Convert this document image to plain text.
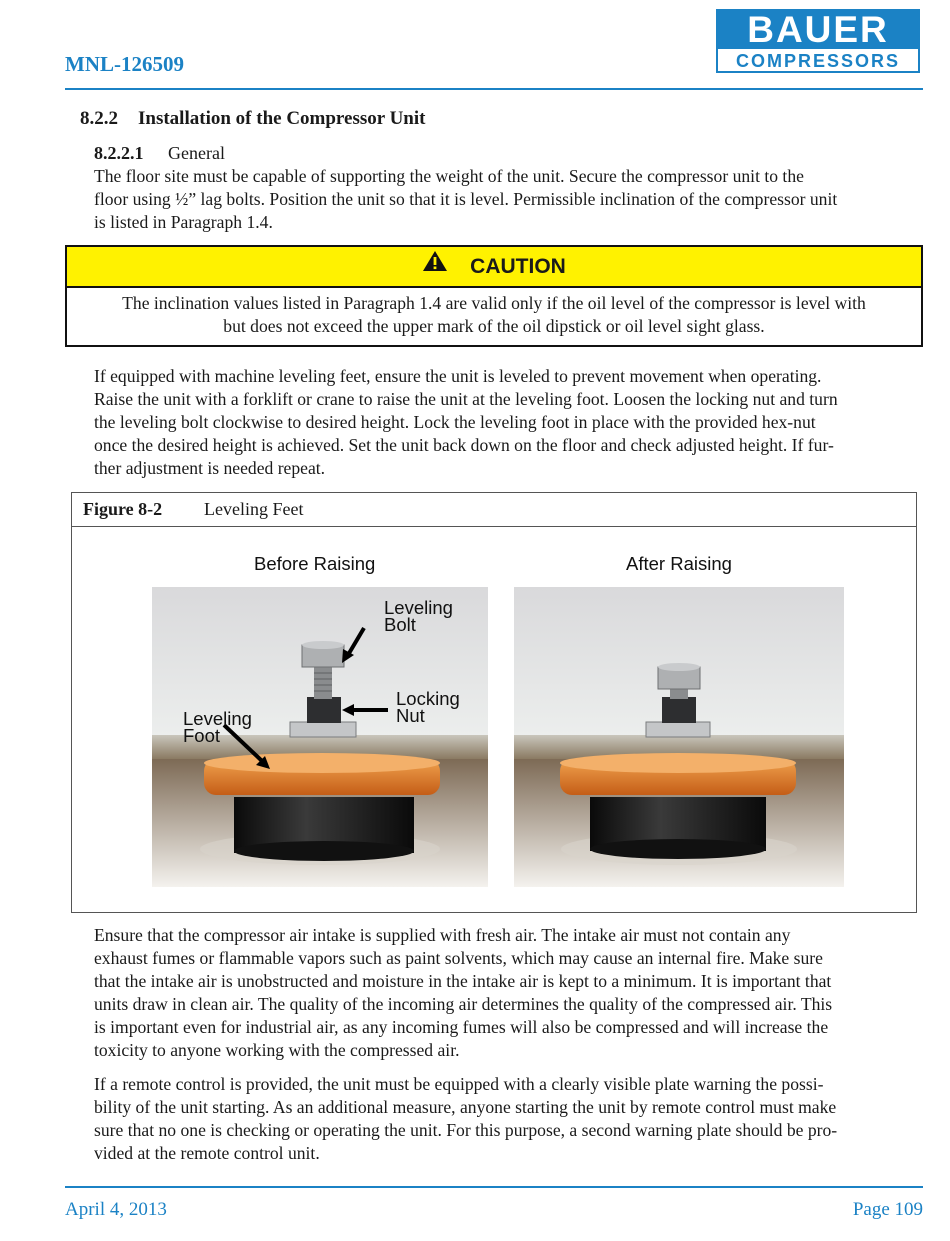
MNL-126509
BAUER
COMPRESSORS
8.2.2 Installation of the Compressor Unit
8.2.2.1 General
The floor site must be capable of supporting the weight of the unit. Secure the compressor unit to the
floor using ½” lag bolts. Position the unit so that it is level. Permissible inclination of the compressor unit
is listed in Paragraph 1.4.
CAUTION
The inclination values listed in Paragraph 1.4 are valid only if the oil level of the compressor is level with
but does not exceed the upper mark of the oil dipstick or oil level sight glass.
If equipped with machine leveling feet, ensure the unit is leveled to prevent movement when operating.
Raise the unit with a forklift or crane to raise the unit at the leveling foot. Loosen the locking nut and turn
the leveling bolt clockwise to desired height. Lock the leveling foot in place with the provided hex-nut
once the desired height is achieved. Set the unit back down on the floor and check adjusted height. If fur-
ther adjustment is needed repeat.
Figure 8-2 Leveling Feet
Before Raising	After Raising
Leveling
Bolt
Locking
Nut
Leveling
Foot
Ensure that the compressor air intake is supplied with fresh air. The intake air must not contain any
exhaust fumes or flammable vapors such as paint solvents, which may cause an internal fire. Make sure
that the intake air is unobstructed and moisture in the intake air is kept to a minimum. It is important that
units draw in clean air. The quality of the incoming air determines the quality of the compressed air. This
is important even for industrial air, as any incoming fumes will also be compressed and will increase the
toxicity to anyone working with the compressed air.
If a remote control is provided, the unit must be equipped with a clearly visible plate warning the possi-
bility of the unit starting. As an additional measure, anyone starting the unit by remote control must make
sure that no one is checking or operating the unit. For this purpose, a second warning plate should be pro-
vided at the remote control unit.
April 4, 2013	Page 109
